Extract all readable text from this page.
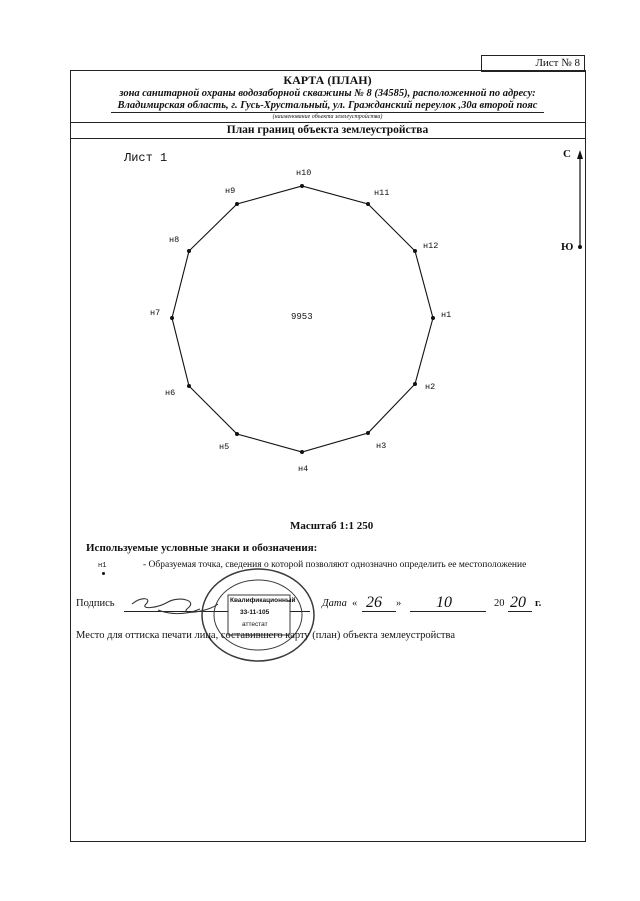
Лист № 8
КАРТА (ПЛАН)
зона санитарной охраны водозаборной скважины № 8 (34585), расположенной по адресу:
Владимирская область, г. Гусь-Хрустальный, ул. Гражданский переулок ,30а второй пояс
(наименование объекта землеустройства)
План границ объекта землеустройства
Лист 1	С
Ю
н1
н2
н3
н4
н5
н6
н7
н8
н9
н10
н11
н12
9953
Масштаб 1:1 250
Используемые условные знаки и обозначения:
н1	- Образуемая точка, сведения о которой позволяют однозначно определить ее местоположение
Подпись	Квалификационный
33-11-105
аттестат
Дата « 26 » 10	20 20 г.
Место для оттиска печати лица, составившего карту (план) объекта землеустройства
